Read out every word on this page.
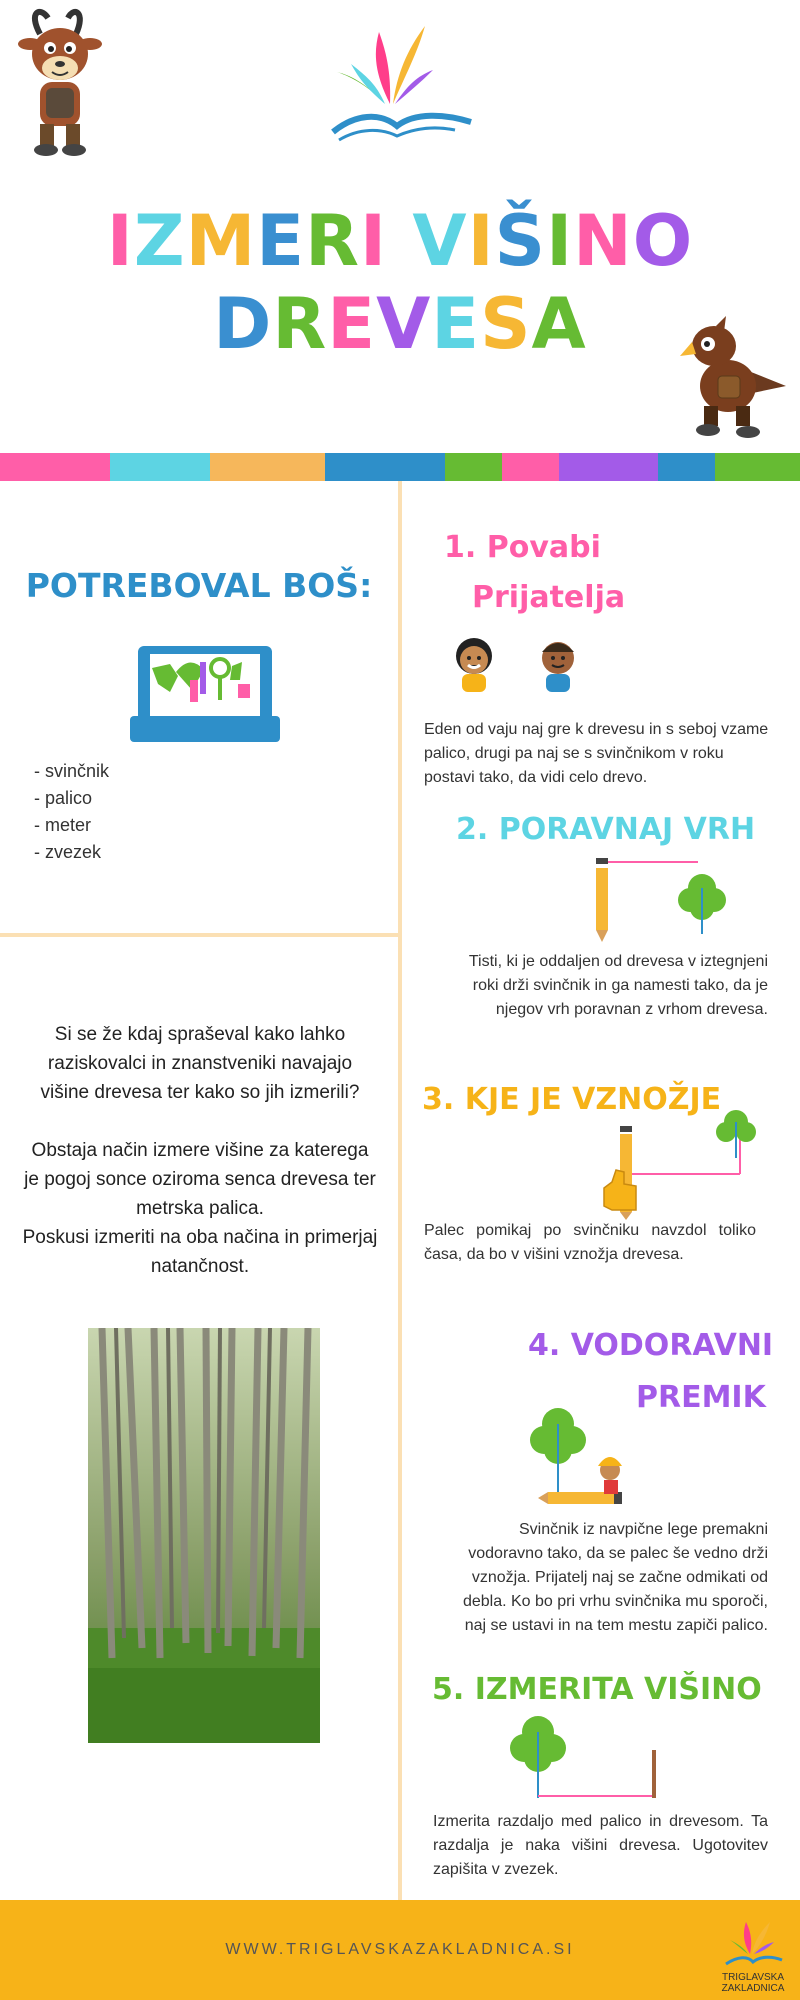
IZMERI VIŠINO
DREVESA
POTREBOVAL BOŠ:
- svinčnik
- palico
- meter
- zvezek

Si se že kdaj spraševal kako lahko raziskovalci in znanstveniki navajajo višine drevesa ter kako so jih izmerili?

Obstaja način izmere višine za katerega je pogoj sonce oziroma senca drevesa ter metrska palica.

Poskusi izmeriti na oba načina in primerjaj natančnost.

1. Povabi
Prijatelja
Eden od vaju naj gre k drevesu in s seboj vzame palico, drugi pa naj se s svinčnikom v roku postavi tako, da vidi celo drevo.
2. PORAVNAJ VRH
Tisti, ki je oddaljen od drevesa v iztegnjeni roki drži svinčnik in ga namesti tako, da je njegov vrh poravnan z vrhom drevesa.
3. KJE JE VZNOŽJE
Palec pomikaj po svinčniku navzdol toliko časa, da bo v višini vznožja drevesa.
4. VODORAVNI
PREMIK
Svinčnik iz navpične lege premakni vodoravno tako, da se palec še vedno drži vznožja. Prijatelj naj se začne odmikati od debla. Ko bo pri vrhu svinčnika mu sporoči, naj se ustavi in na tem mestu zapiči palico.
5. IZMERITA VIŠINO
Izmerita razdaljo med palico in drevesom. Ta razdalja je naka višini drevesa. Ugotovitev zapišita v zvezek.
WWW.TRIGLAVSKAZAKLADNICA.SI
TRIGLAVSKA
ZAKLADNICA
